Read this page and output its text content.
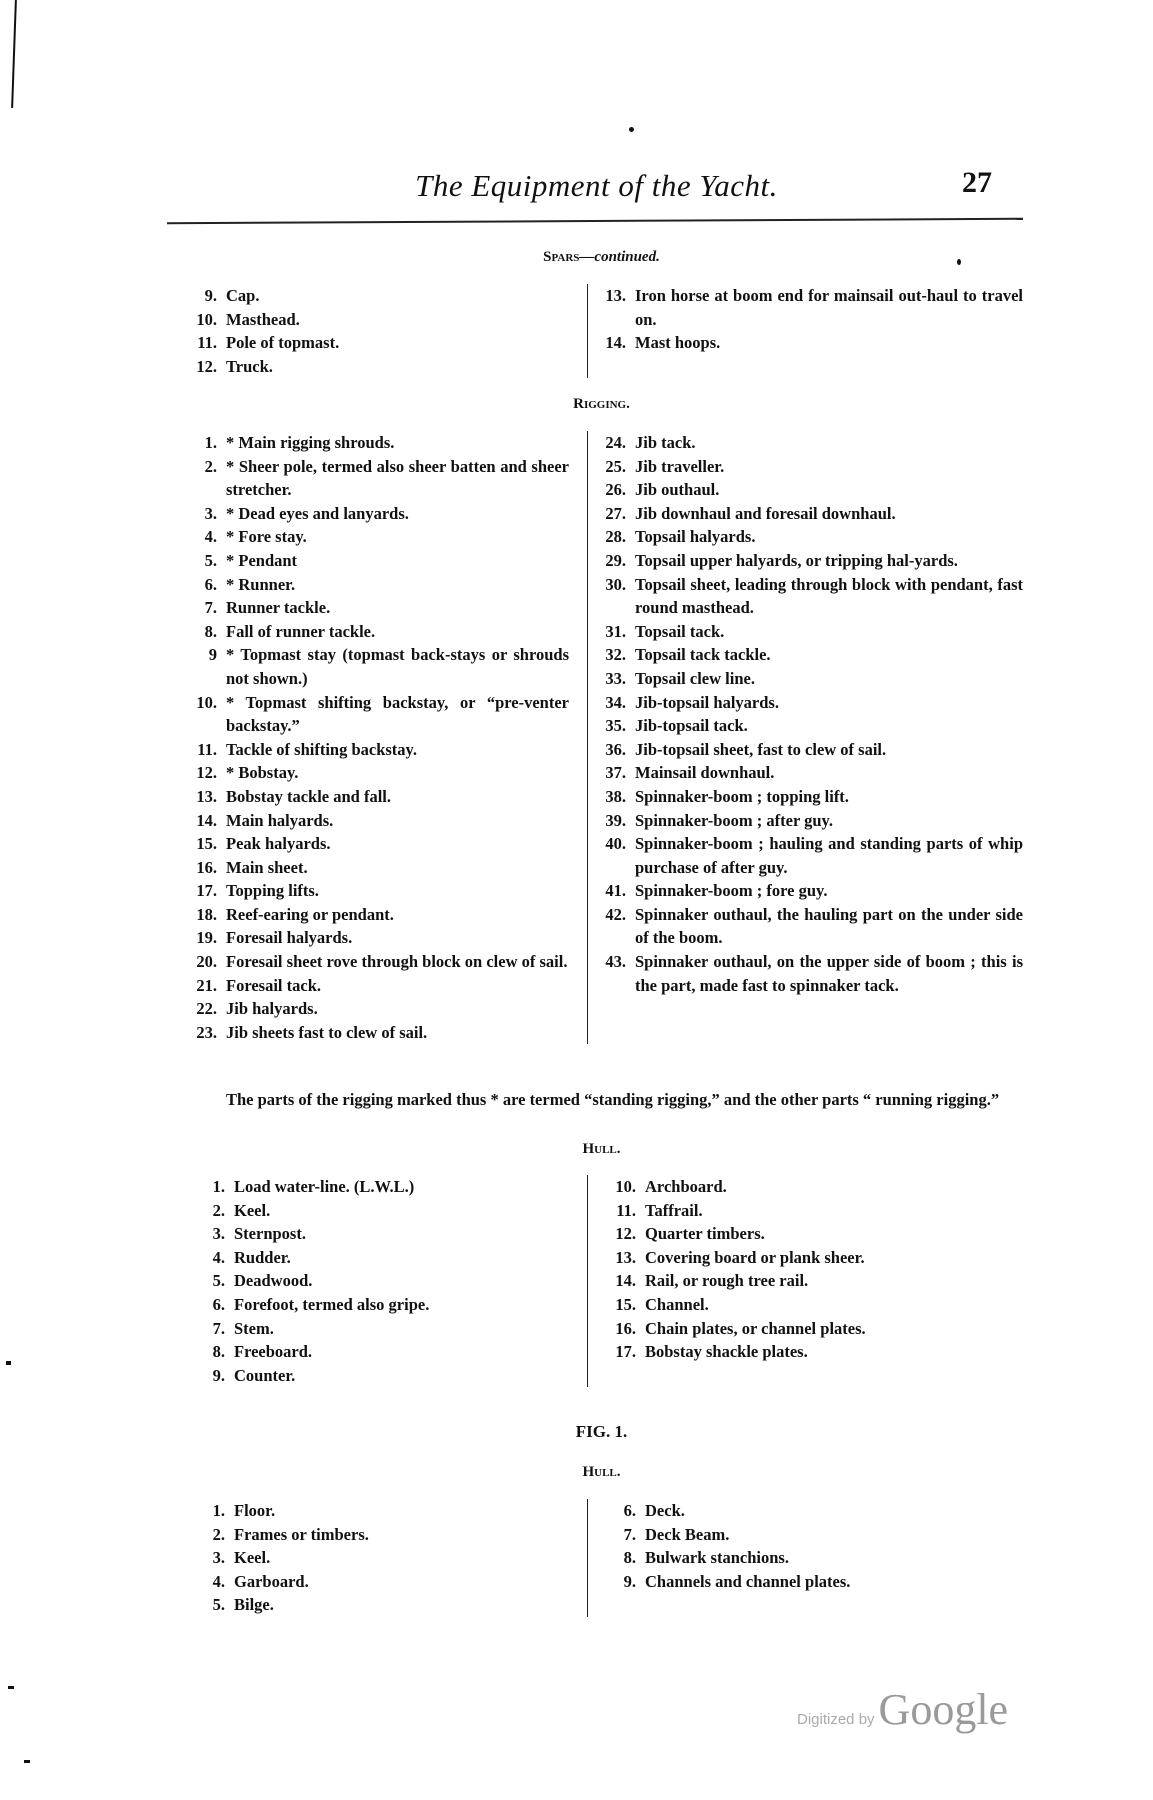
The Equipment of the Yacht.	27
Spars—continued.
9. Cap.
10. Masthead.
11. Pole of topmast.
12. Truck.
13. Iron horse at boom end for mainsail out-haul to travel on.
14. Mast hoops.
Rigging.
1. * Main rigging shrouds.
2. * Sheer pole, termed also sheer batten and sheer stretcher.
3. * Dead eyes and lanyards.
4. * Fore stay.
5. * Pendant
6. * Runner.
7. Runner tackle.
8. Fall of runner tackle.
9 * Topmast stay (topmast back-stays or shrouds not shown.)
10. * Topmast shifting backstay, or “pre-venter backstay.”
11. Tackle of shifting backstay.
12. * Bobstay.
13. Bobstay tackle and fall.
14. Main halyards.
15. Peak halyards.
16. Main sheet.
17. Topping lifts.
18. Reef-earing or pendant.
19. Foresail halyards.
20. Foresail sheet rove through block on clew of sail.
21. Foresail tack.
22. Jib halyards.
23. Jib sheets fast to clew of sail.
24. Jib tack.
25. Jib traveller.
26. Jib outhaul.
27. Jib downhaul and foresail downhaul.
28. Topsail halyards.
29. Topsail upper halyards, or tripping hal-yards.
30. Topsail sheet, leading through block with pendant, fast round masthead.
31. Topsail tack.
32. Topsail tack tackle.
33. Topsail clew line.
34. Jib-topsail halyards.
35. Jib-topsail tack.
36. Jib-topsail sheet, fast to clew of sail.
37. Mainsail downhaul.
38. Spinnaker-boom ; topping lift.
39. Spinnaker-boom ; after guy.
40. Spinnaker-boom ; hauling and standing parts of whip purchase of after guy.
41. Spinnaker-boom ; fore guy.
42. Spinnaker outhaul, the hauling part on the under side of the boom.
43. Spinnaker outhaul, on the upper side of boom ; this is the part, made fast to spinnaker tack.
The parts of the rigging marked thus * are termed “standing rigging,” and the other parts “ running rigging.”
Hull.
1. Load water-line. (L.W.L.)
2. Keel.
3. Sternpost.
4. Rudder.
5. Deadwood.
6. Forefoot, termed also gripe.
7. Stem.
8. Freeboard.
9. Counter.
10. Archboard.
11. Taffrail.
12. Quarter timbers.
13. Covering board or plank sheer.
14. Rail, or rough tree rail.
15. Channel.
16. Chain plates, or channel plates.
17. Bobstay shackle plates.
FIG. 1.
Hull.
1. Floor.
2. Frames or timbers.
3. Keel.
4. Garboard.
5. Bilge.
6. Deck.
7. Deck Beam.
8. Bulwark stanchions.
9. Channels and channel plates.
Digitized byGoogle
